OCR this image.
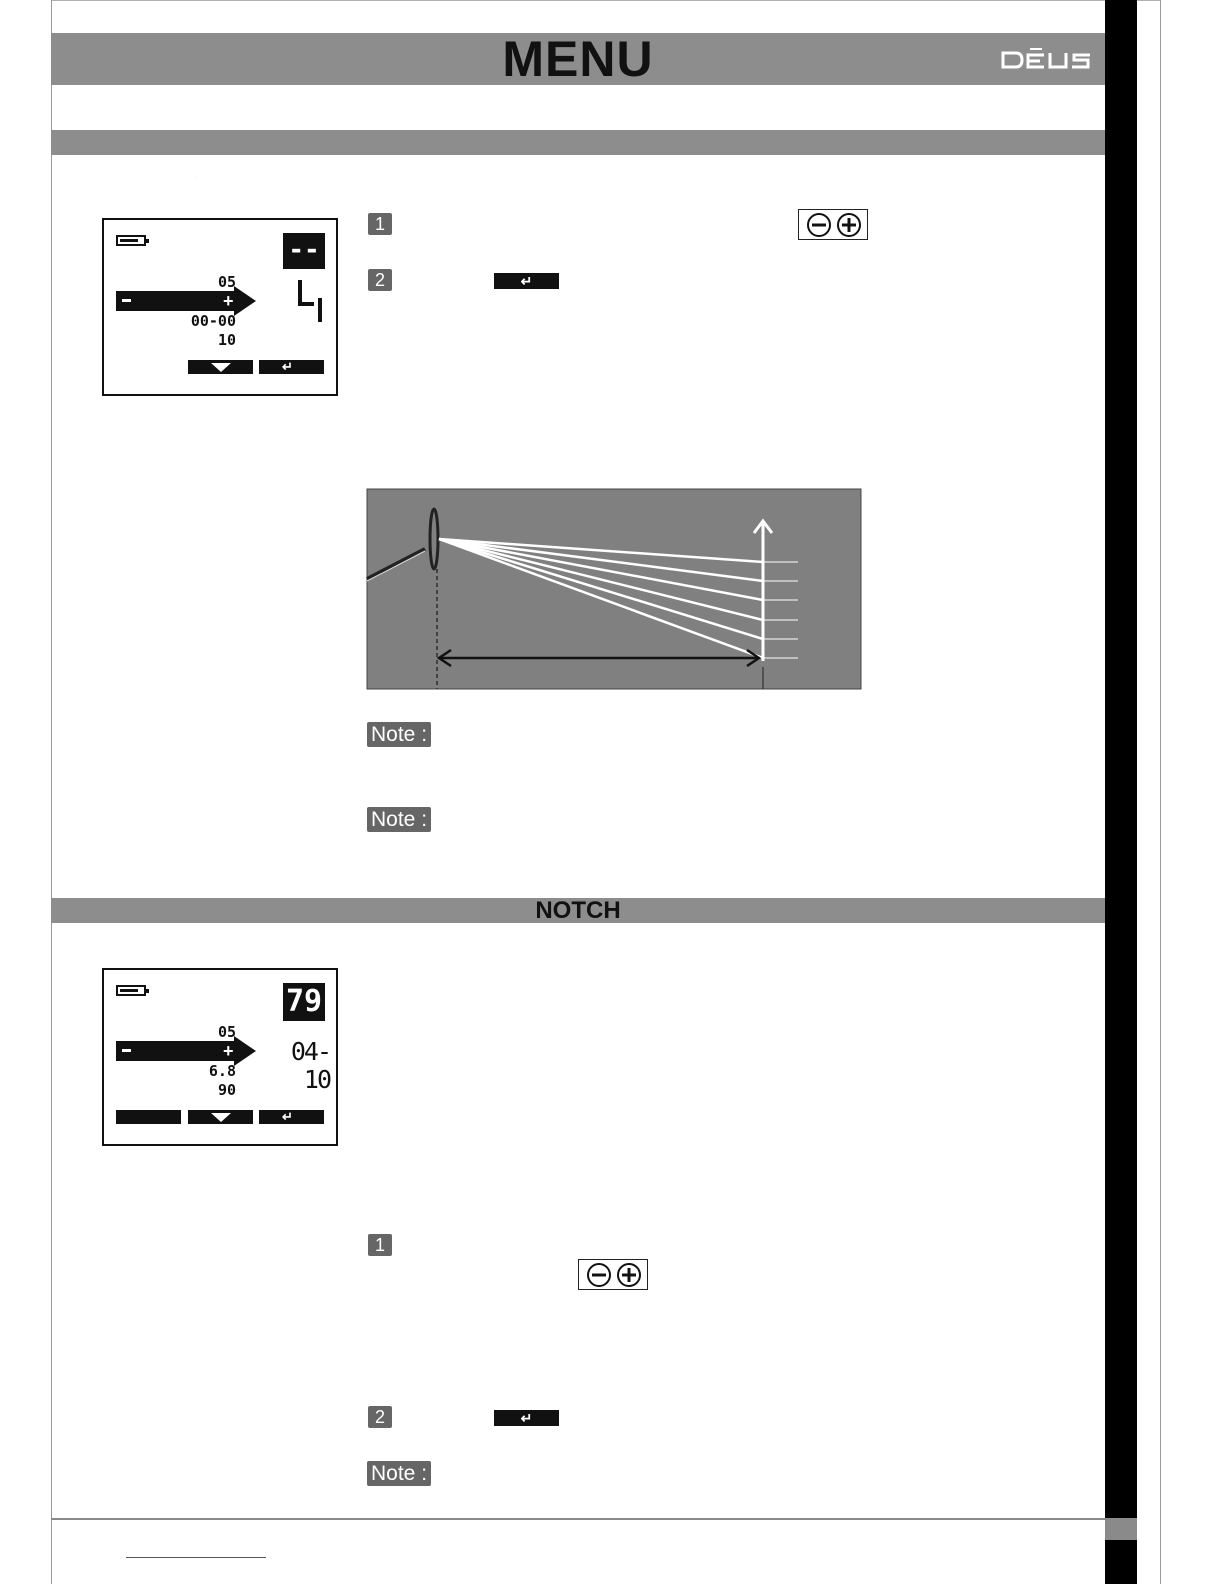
MENU
--
05
+
00-00
10
4
↵
1
2	↵
Note :
Note :
NOTCH
79
05
+
6.8
90
04-10
↵
1
2	↵
Note :
